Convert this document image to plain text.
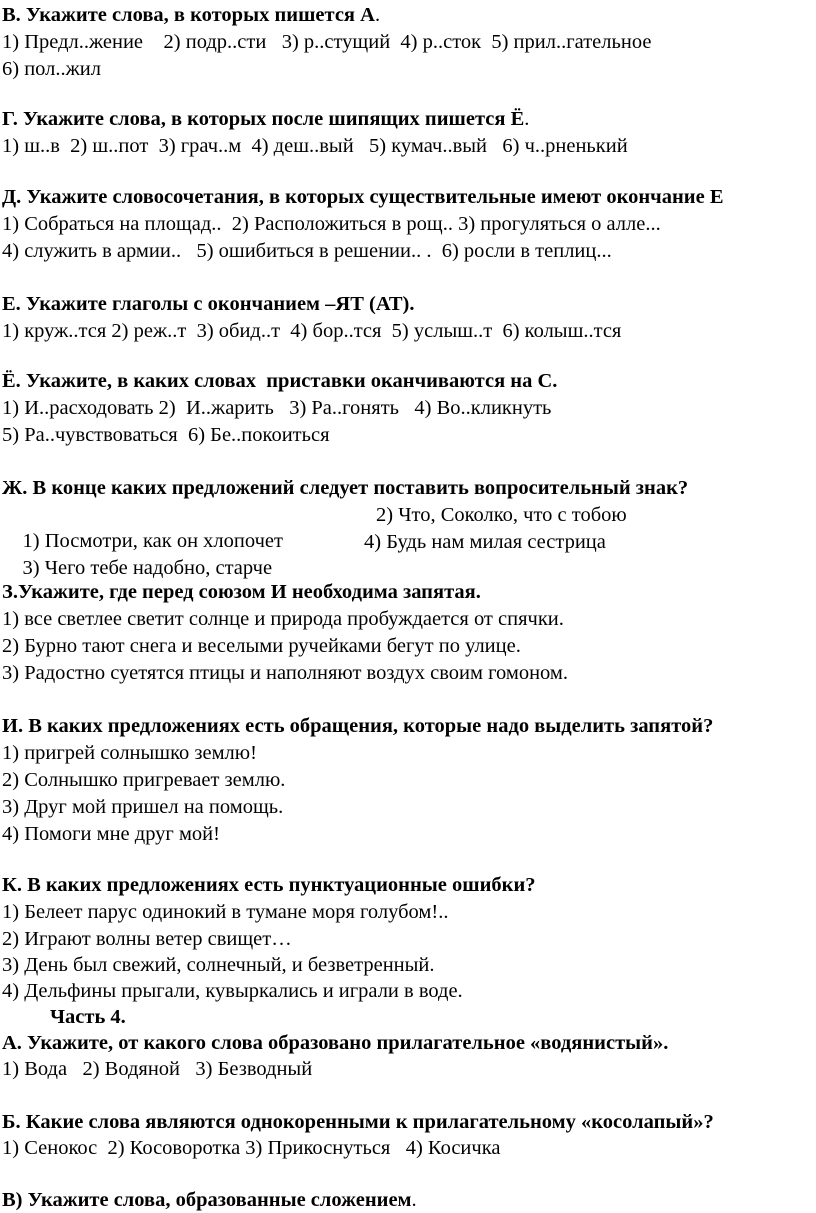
В. Укажите слова, в которых пишется А.
1) Предл..жение    2) подр..сти   3) р..стущий  4) р..сток  5) прил..гательное
6) пол..жил
Г. Укажите слова, в которых после шипящих пишется Ё.
1) ш..в  2) ш..пот  3) грач..м  4) деш..вый   5) кумач..вый   6) ч..рненький
Д. Укажите словосочетания, в которых существительные имеют окончание Е
1) Собраться на площад..  2) Расположиться в рощ.. 3) прогуляться о алле...
4) служить в армии..   5) ошибиться в решении.. .  6) росли в теплиц...
Е. Укажите глаголы с окончанием –ЯТ (АТ).
1) круж..тся 2) реж..т  3) обид..т  4) бор..тся  5) услыш..т  6) колыш..тся
Ё. Укажите, в каких словах  приставки оканчиваются на С.
1) И..расходовать 2)  И..жарить   3) Ра..гонять   4) Во..кликнуть
5) Ра..чувствоваться  6) Бе..покоиться
Ж. В конце каких предложений следует поставить вопросительный знак?

1) Посмотри, как он хлопочет

2) Что, Соколко, что с тобою

3) Чего тебе надобно, старче

4) Будь нам милая сестрица

З.Укажите, где перед союзом И необходима запятая.
1) все светлее светит солнце и природа пробуждается от спячки.
2) Бурно тают снега и веселыми ручейками бегут по улице.
3) Радостно суетятся птицы и наполняют воздух своим гомоном.
И. В каких предложениях есть обращения, которые надо выделить запятой?
1) пригрей солнышко землю!
2) Солнышко пригревает землю.
3) Друг мой пришел на помощь.
4) Помоги мне друг мой!
К. В каких предложениях есть пунктуационные ошибки?
1) Белеет парус одинокий в тумане моря голубом!..
2) Играют волны ветер свищет…
3) День был свежий, солнечный, и безветренный.
4) Дельфины прыгали, кувыркались и играли в воде.
Часть 4.
А. Укажите, от какого слова образовано прилагательное «водянистый».
1) Вода   2) Водяной   3) Безводный
Б. Какие слова являются однокоренными к прилагательному «косолапый»?
1) Сенокос  2) Косоворотка 3) Прикоснуться   4) Косичка
В) Укажите слова, образованные сложением.
